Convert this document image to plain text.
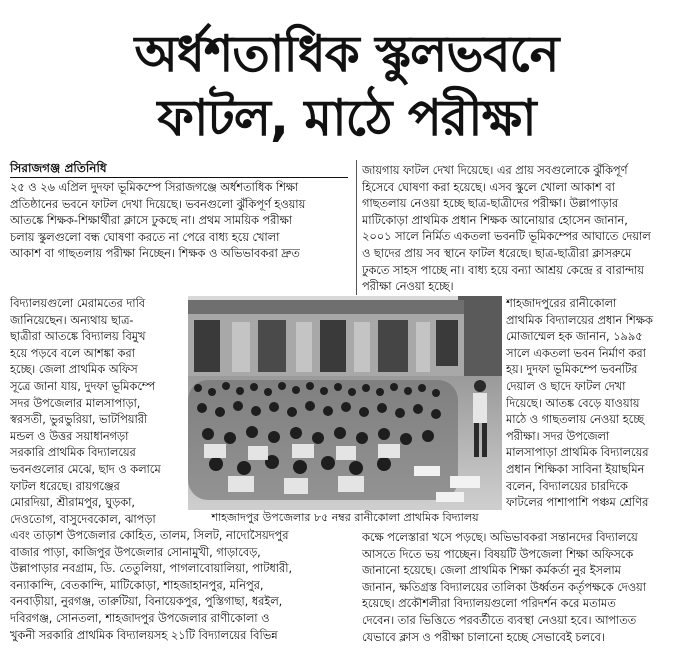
অর্ধশতাধিক স্কুলভবনে
ফাটল, মাঠে পরীক্ষা
সিরাজগঞ্জ প্রতিনিধি
২৫ ও ২৬ এপ্রিল দুদফা ভূমিকম্পে সিরাজগঞ্জে অর্ধশতাধিক শিক্ষা
প্রতিষ্ঠানের ভবনে ফাটল দেখা দিয়েছে। ভবনগুলো ঝুঁকিপূর্ণ হওয়ায়
আতঙ্কে শিক্ষক-শিক্ষার্থীরা ক্লাসে ঢুকছে না। প্রথম সাময়িক পরীক্ষা
চলায় স্কুলগুলো বন্ধ ঘোষণা করতে না পেরে বাধ্য হয়ে খোলা
আকাশ বা গাছতলায় পরীক্ষা নিচ্ছেন। শিক্ষক ও অভিভাবকরা দ্রুত
জায়গায় ফাটল দেখা দিয়েছে। এর প্রায় সবগুলোকে ঝুঁকিপূর্ণ
হিসেবে ঘোষণা করা হয়েছে। এসব স্কুলে খোলা আকাশ বা
গাছতলায় নেওয়া হচ্ছে ছাত্র-ছাত্রীদের পরীক্ষা। উল্লাপাড়ার
মাটিকোড়া প্রাথমিক প্রধান শিক্ষক আনোয়ার হোসেন জানান,
২০০১ সালে নির্মিত একতলা ভবনটি ভূমিকম্পের আঘাতে দেয়াল
ও ছাদের প্রায় সব স্থানে ফাটল ধরেছে। ছাত্র-ছাত্রীরা ক্লাসরুমে
ঢুকতে সাহস পাচ্ছে না। বাধ্য হয়ে বন্যা আশ্রয় কেন্দ্রে র বারান্দায়
পরীক্ষা নেওয়া হচ্ছে।
বিদ্যালয়গুলো মেরামতের দাবি
জানিয়েছেন। অন্যথায় ছাত্র-
ছাত্রীরা আতঙ্কে বিদ্যালয় বিমুখ
হয়ে পড়বে বলে আশঙ্কা করা
হচ্ছে। জেলা প্রাথমিক অফিস
সূত্রে জানা যায়, দুদফা ভূমিকম্পে
সদর উপজেলার মালসাপাড়া,
স্বরসতী, ভুরভুরিয়া, ভাটপিয়ারী
মন্ডল ও উত্তর সয়াধানগড়া
সরকারি প্রাথমিক বিদ্যালয়ের
ভবনগুলোর মেঝে, ছাদ ও কলামে
ফাটল ধরেছে। রায়গঞ্জের
মোরদিয়া, শ্রীরামপুর, ঘুড়কা,
দেওতোগ, বাসুদেবকোল, ঝাপড়া
শাহজাদপুরের রানীকোলা
প্রাথমিক বিদ্যালয়ের প্রধান শিক্ষক
মোজাম্মেল হক জানান, ১৯৯৫
সালে একতলা ভবন নির্মাণ করা
হয়। দুদফা ভূমিকম্পে ভবনটির
দেয়াল ও ছাদে ফাটল দেখা
দিয়েছে। আতঙ্ক বেড়ে যাওয়ায়
মাঠে ও গাছতলায় নেওয়া হচ্ছে
পরীক্ষা। সদর উপজেলা
মালসাপাড়া প্রাথমিক বিদ্যালয়ের
প্রধান শিক্ষিকা সাবিনা ইয়াছমিন
বলেন, বিদ্যালয়ের চারদিকে
ফাটলের পাশাপাশি পঞ্চম শ্রেণির
এবং তাড়াশ উপজেলার কোহিত, তালম, সিলট, নাদোসৈয়দপুর
বাজার পাড়া, কাজিপুর উপজেলার সোনামুখী, গাড়াবেড়,
উল্লাপাড়ার নবগ্রাম, ডি. তেতুলিয়া, পাগলাবোয়ালিয়া, পাটধারী,
বন্যাকান্দি, বেতকান্দি, মাটিকোড়া, শাহজাহানপুর, মনিপুর,
বনবাড়ীয়া, নুরগঞ্জ, তারুটিয়া, বিনায়েকপুর, পুস্তিগাছা, ধরইল,
দবিরগঞ্জ, সোনতলা, শাহজাদপুর উপজেলার রাণীকোলা ও
খুকনী সরকারি প্রাথমিক বিদ্যালয়সহ ২১টি বিদ্যালয়ের বিভিন্ন
কক্ষে পলেস্তারা খসে পড়ছে। অভিভাবকরা সন্তানদের বিদ্যালয়ে
আসতে দিতে ভয় পাচ্ছেন। বিষয়টি উপজেলা শিক্ষা অফিসকে
জানানো হয়েছে। জেলা প্রাথমিক শিক্ষা কর্মকর্তা নুর ইসলাম
জানান, ক্ষতিগ্রস্ত বিদ্যালয়ের তালিকা উর্ধ্বতন কর্তৃপক্ষকে দেওয়া
হয়েছে। প্রকৌশলীরা বিদ্যালয়গুলো পরিদর্শন করে মতামত
দেবেন। তার ভিত্তিতে পরবর্তীতে ব্যবস্থা নেওয়া হবে। আপাতত
যেভাবে ক্লাস ও পরীক্ষা চালানো হচ্ছে সেভাবেই চলবে।
শাহজাদপুর উপজেলার ৮৫ নম্বর রানীকোলা প্রাথমিক বিদ্যালয়
